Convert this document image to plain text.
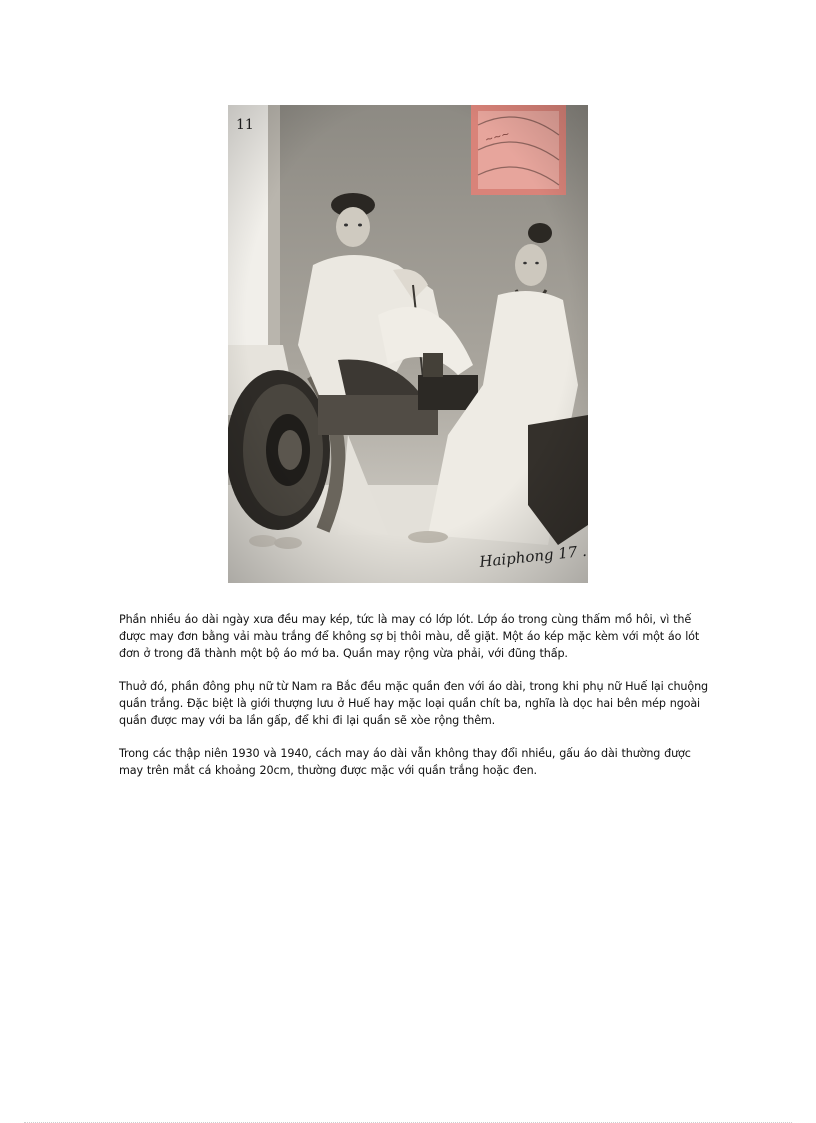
Phần nhiều áo dài ngày xưa đều may kép, tức là may có lớp lót. Lớp áo trong cùng thấm mồ hôi, vì thế được may đơn bằng vải màu trắng để không sợ bị thôi màu, dễ giặt. Một áo kép mặc kèm với một áo lót đơn ở trong đã thành một bộ áo mớ ba. Quần may rộng vừa phải, với đũng thấp.

Thuở đó, phần đông phụ nữ từ Nam ra Bắc đều mặc quần đen với áo dài, trong khi phụ nữ Huế lại chuộng quần trắng. Đặc biệt là giới thượng lưu ở Huế hay mặc loại quần chít ba, nghĩa là dọc hai bên mép ngoài quần được may với ba lần gấp, để khi đi lại quần sẽ xòe rộng thêm.

Trong các thập niên 1930 và 1940, cách may áo dài vẫn không thay đổi nhiều, gấu áo dài thường được may trên mắt cá khoảng 20cm, thường được mặc với quần trắng hoặc đen.
